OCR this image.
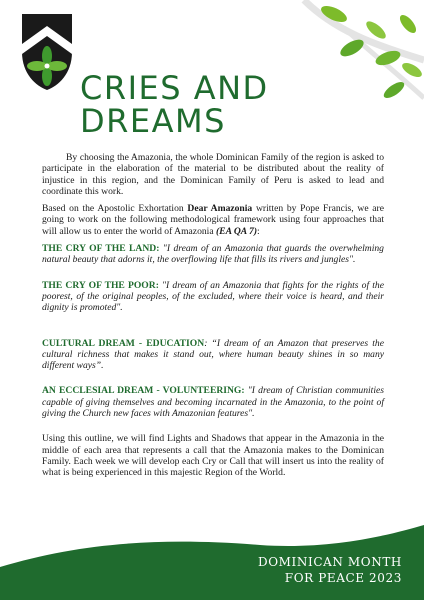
CRIES AND
DREAMS

By choosing the Amazonia, the whole Dominican Family of the region is asked to participate in the elaboration of the material to be distributed about the reality of injustice in this region, and the Dominican Family of Peru is asked to lead and coordinate this work.

Based on the Apostolic Exhortation Dear Amazonia written by Pope Francis, we are going to work on the following methodological framework using four approaches that will allow us to enter the world of Amazonia (EA QA 7):

THE CRY OF THE LAND: "I dream of an Amazonia that guards the overwhelming natural beauty that adorns it, the overflowing life that fills its rivers and jungles".

THE CRY OF THE POOR: "I dream of an Amazonia that fights for the rights of the poorest, of the original peoples, of the excluded, where their voice is heard, and their dignity is promoted".

CULTURAL DREAM - EDUCATION: “I dream of an Amazon that preserves the cultural richness that makes it stand out, where human beauty shines in so many different ways”.

AN ECCLESIAL DREAM - VOLUNTEERING: "I dream of Christian communities capable of giving themselves and becoming incarnated in the Amazonia, to the point of giving the Church new faces with Amazonian features".

Using this outline, we will find Lights and Shadows that appear in the Amazonia in the middle of each area that represents a call that the Amazonia makes to the Dominican Family. Each week we will develop each Cry or Call that will insert us into the reality of what is being experienced in this majestic Region of the World.

DOMINICAN MONTH
FOR PEACE 2023
